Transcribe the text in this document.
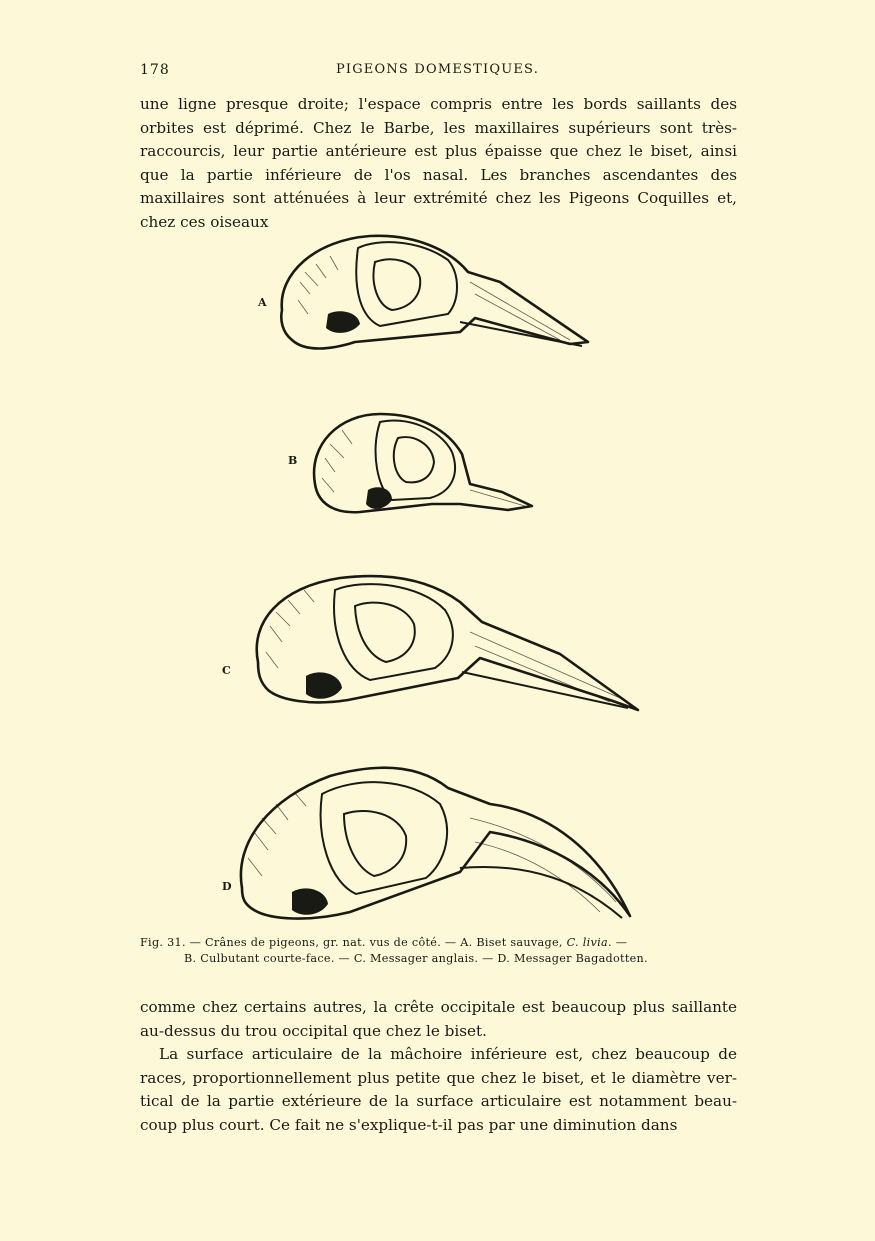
178	PIGEONS DOMESTIQUES.

une ligne presque droite; l'espace compris entre les bords saillants des orbites est déprimé. Chez le Barbe, les maxillaires supérieurs sont très-raccourcis, leur partie antérieure est plus épaisse que chez le biset, ainsi que la partie inférieure de l'os nasal. Les branches ascendantes des maxillaires sont atténuées à leur extrémité chez les Pigeons Coquilles et, chez ces oiseaux

A
B
C
D
Fig. 31. — Crânes de pigeons, gr. nat. vus de côté. — A. Biset sauvage, C. livia. —
B. Culbutant courte-face. — C. Messager anglais. — D. Messager Bagadotten.

comme chez certains autres, la crête occipitale est beaucoup plus saillante au-dessus du trou occipital que chez le biset.

La surface articulaire de la mâchoire inférieure est, chez beaucoup de races, proportionnellement plus petite que chez le biset, et le diamètre vertical de la partie extérieure de la surface articulaire est notamment beaucoup plus court. Ce fait ne s'explique-t-il pas par une diminution dans
